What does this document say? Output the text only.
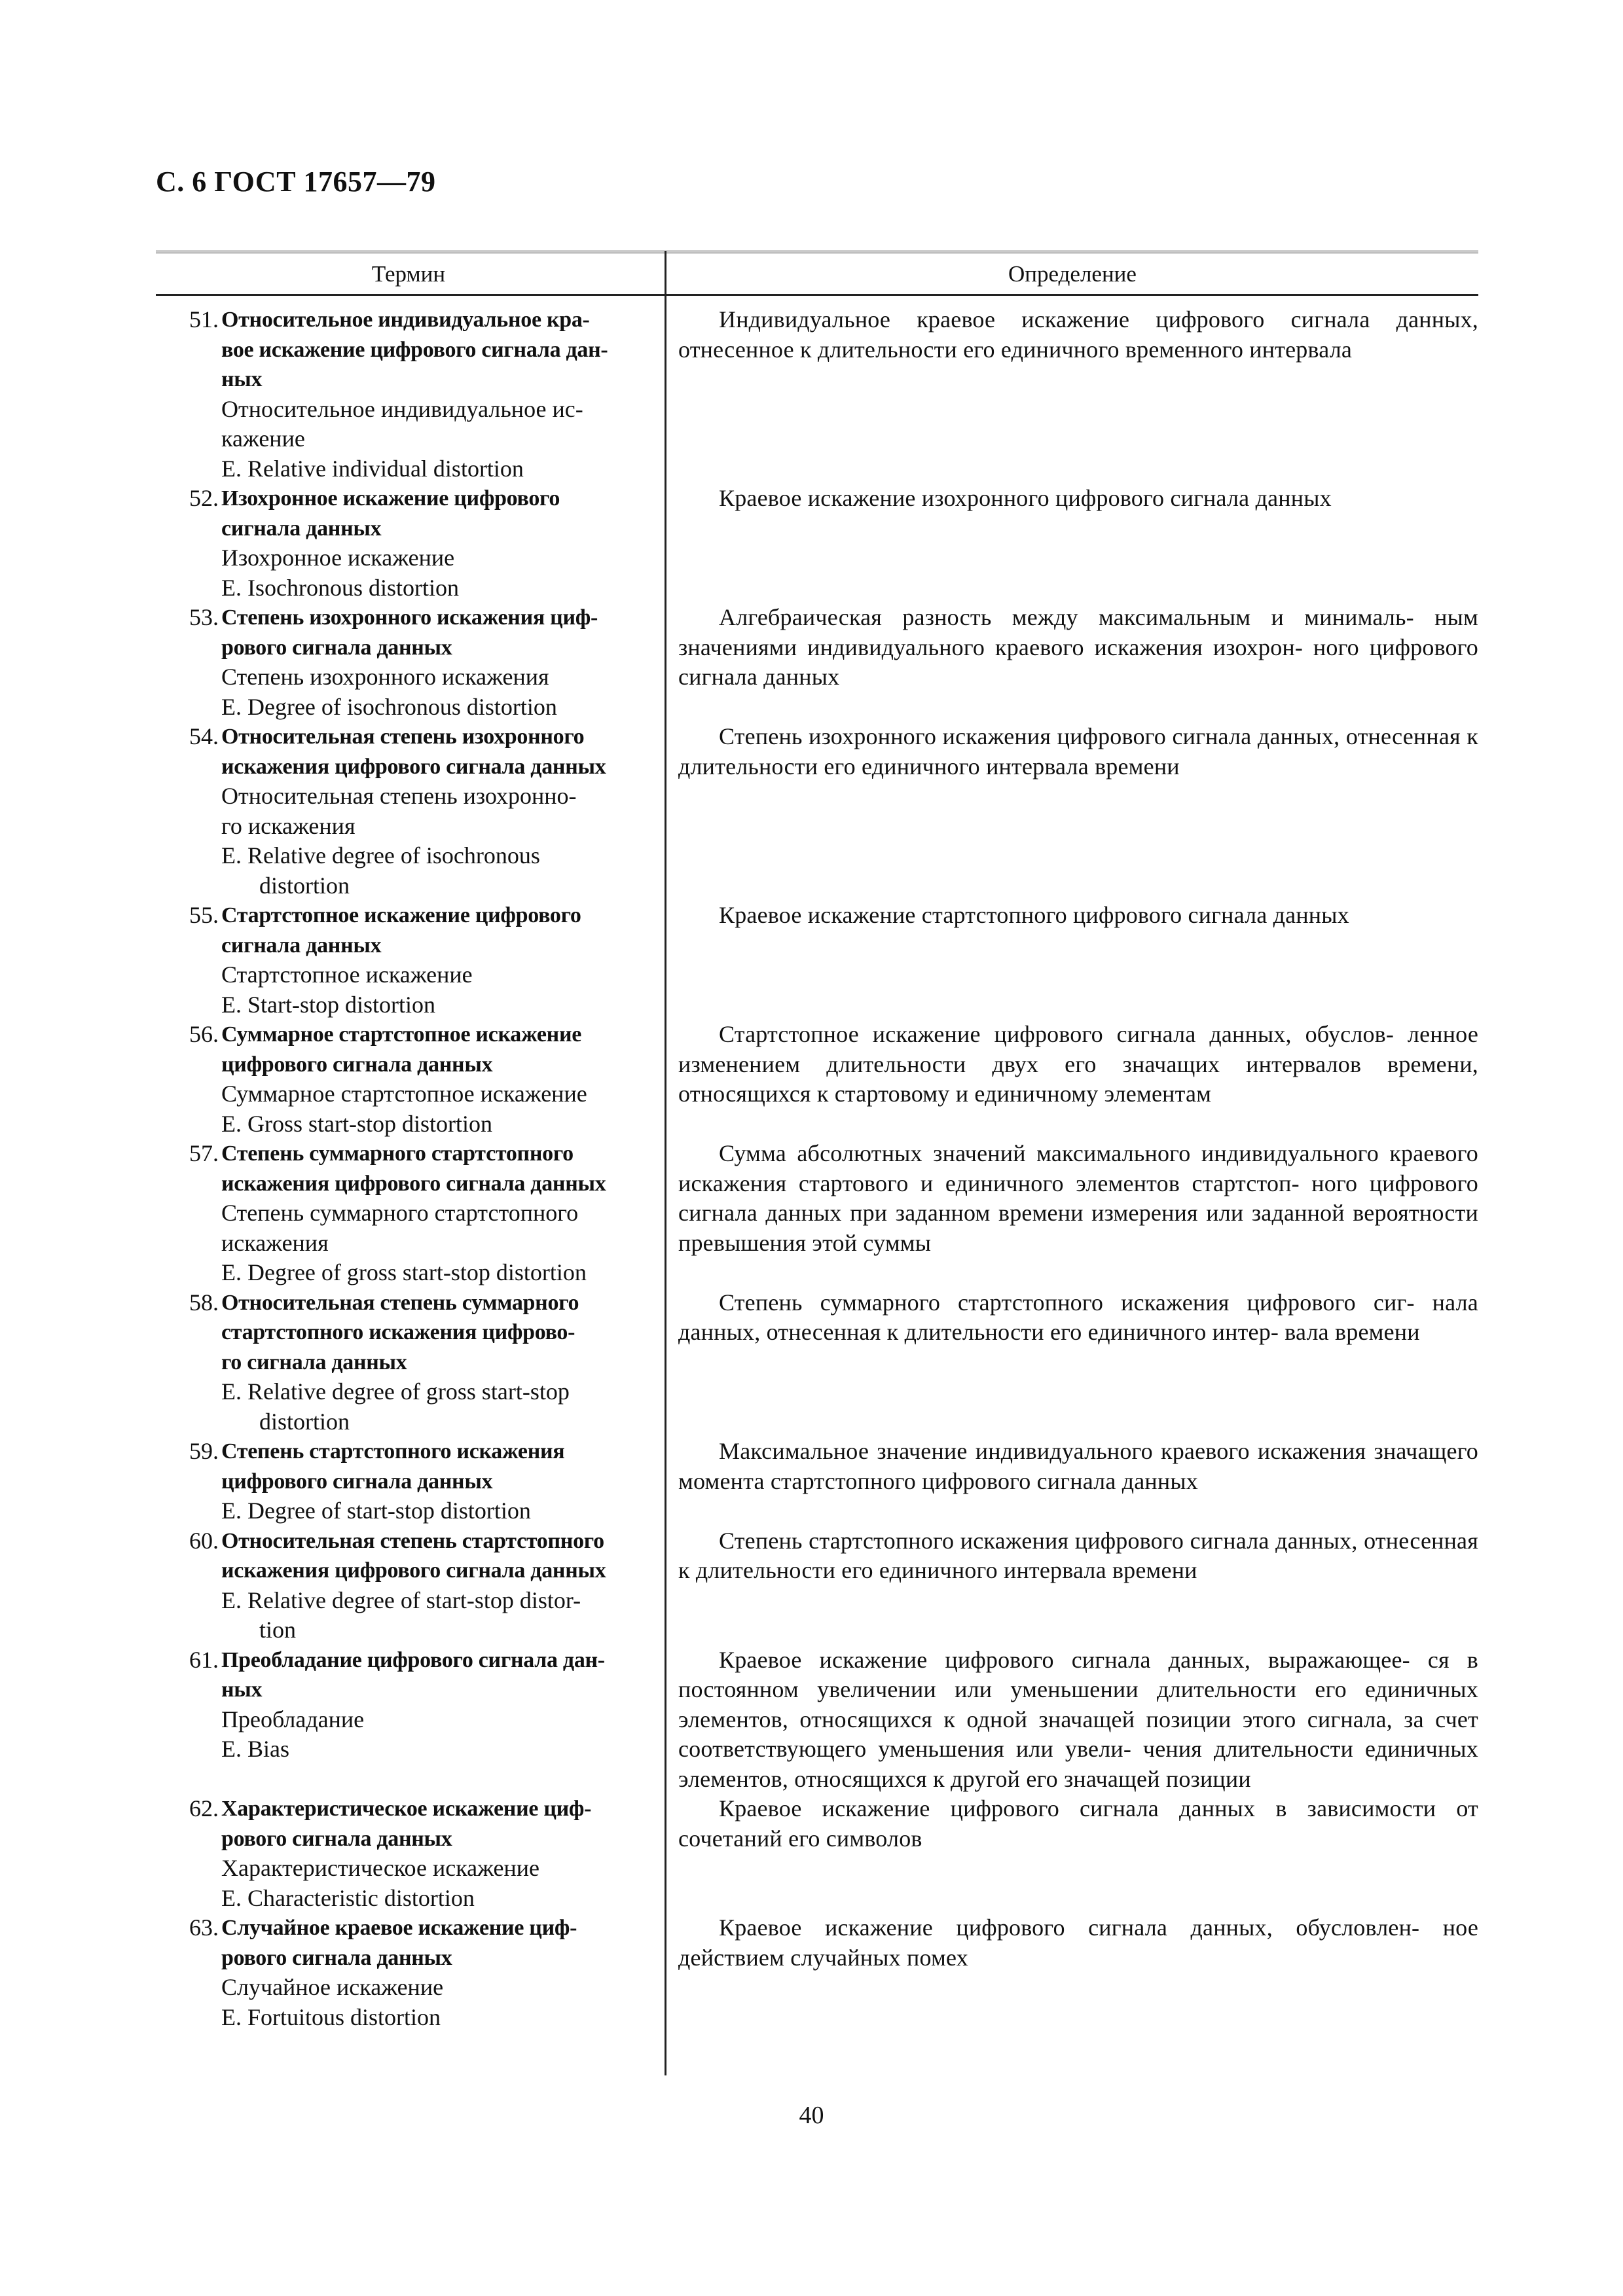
С. 6 ГОСТ 17657—79
Термин	Определение
51. Относительное индивидуальное кра-
вое искажение цифрового сигнала дан-
ных
Относительное индивидуальное ис-
кажение
E. Relative individual distortion
Индивидуальное краевое искажение цифрового сигнала данных, отнесенное к длительности его единичного временного интервала
52. Изохронное искажение цифрового
сигнала данных
Изохронное искажение
E. Isochronous distortion
Краевое искажение изохронного цифрового сигнала данных
53. Степень изохронного искажения циф-
рового сигнала данных
Степень изохронного искажения
E. Degree of isochronous distortion
Алгебраическая разность между максимальным и минималь- ным значениями индивидуального краевого искажения изохрон- ного цифрового сигнала данных
54. Относительная степень изохронного
искажения цифрового сигнала данных
Относительная степень изохронно-
го искажения
E. Relative degree of isochronous
distortion
Степень изохронного искажения цифрового сигнала данных, отнесенная к длительности его единичного интервала времени
55. Стартстопное искажение цифрового
сигнала данных
Стартстопное искажение
E. Start-stop distortion
Краевое искажение стартстопного цифрового сигнала данных
56. Суммарное стартстопное искажение
цифрового сигнала данных
Суммарное стартстопное искажение
E. Gross start-stop distortion
Стартстопное искажение цифрового сигнала данных, обуслов- ленное изменением длительности двух его значащих интервалов времени, относящихся к стартовому и единичному элементам
57. Степень суммарного стартстопного
искажения цифрового сигнала данных
Степень суммарного стартстопного
искажения
E. Degree of gross start-stop distortion
Сумма абсолютных значений максимального индивидуального краевого искажения стартового и единичного элементов стартстоп- ного цифрового сигнала данных при заданном времени измерения или заданной вероятности превышения этой суммы
58. Относительная степень суммарного
стартстопного искажения цифрово-
го сигнала данных
E. Relative degree of gross start-stop
distortion
Степень суммарного стартстопного искажения цифрового сиг- нала данных, отнесенная к длительности его единичного интер- вала времени
59. Степень стартстопного искажения
цифрового сигнала данных
E. Degree of start-stop distortion
Максимальное значение индивидуального краевого искажения значащего момента стартстопного цифрового сигнала данных
60. Относительная степень стартстопного
искажения цифрового сигнала данных
E. Relative degree of start-stop distor-
tion
Степень стартстопного искажения цифрового сигнала данных, отнесенная к длительности его единичного интервала времени
61. Преобладание цифрового сигнала дан-
ных
Преобладание
E. Bias
Краевое искажение цифрового сигнала данных, выражающее- ся в постоянном увеличении или уменьшении длительности его единичных элементов, относящихся к одной значащей позиции этого сигнала, за счет соответствующего уменьшения или увели- чения длительности единичных элементов, относящихся к другой его значащей позиции
62. Характеристическое искажение циф-
рового сигнала данных
Характеристическое искажение
E. Characteristic distortion
Краевое искажение цифрового сигнала данных в зависимости от сочетаний его символов
63. Случайное краевое искажение циф-
рового сигнала данных
Случайное искажение
E. Fortuitous distortion
Краевое искажение цифрового сигнала данных, обусловлен- ное действием случайных помех
40
